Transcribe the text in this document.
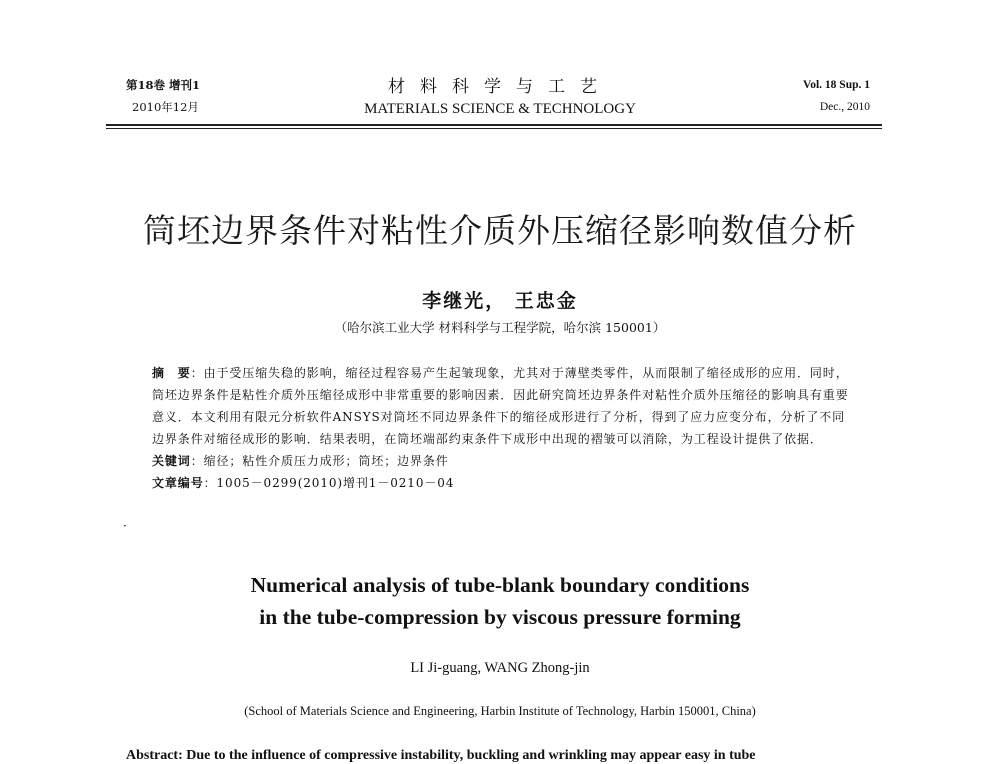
第18卷 增刊1
2010年12月
材料科学与工艺
MATERIALS SCIENCE & TECHNOLOGY
Vol. 18 Sup. 1
Dec., 2010
筒坯边界条件对粘性介质外压缩径影响数值分析
李继光， 王忠金
（哈尔滨工业大学 材料科学与工程学院，哈尔滨 150001）

摘　要：由于受压缩失稳的影响，缩径过程容易产生起皱现象，尤其对于薄壁类零件，从而限制了缩径成形的应用．同时，筒坯边界条件是粘性介质外压缩径成形中非常重要的影响因素．因此研究筒坯边界条件对粘性介质外压缩径的影响具有重要意义．本文利用有限元分析软件ANSYS对筒坯不同边界条件下的缩径成形进行了分析，得到了应力应变分布，分析了不同边界条件对缩径成形的影响．结果表明，在筒坯端部约束条件下成形中出现的褶皱可以消除，为工程设计提供了依据．

关键词：缩径；粘性介质压力成形；筒坯；边界条件

文章编号：1005－0299(2010)增刊1－0210－04

·
Numerical analysis of tube-blank boundary conditions
in the tube-compression by viscous pressure forming
LI Ji-guang, WANG Zhong-jin
(School of Materials Science and Engineering, Harbin Institute of Technology, Harbin 150001, China)
Abstract: Due to the influence of compressive instability, buckling and wrinkling may appear easy in tube
